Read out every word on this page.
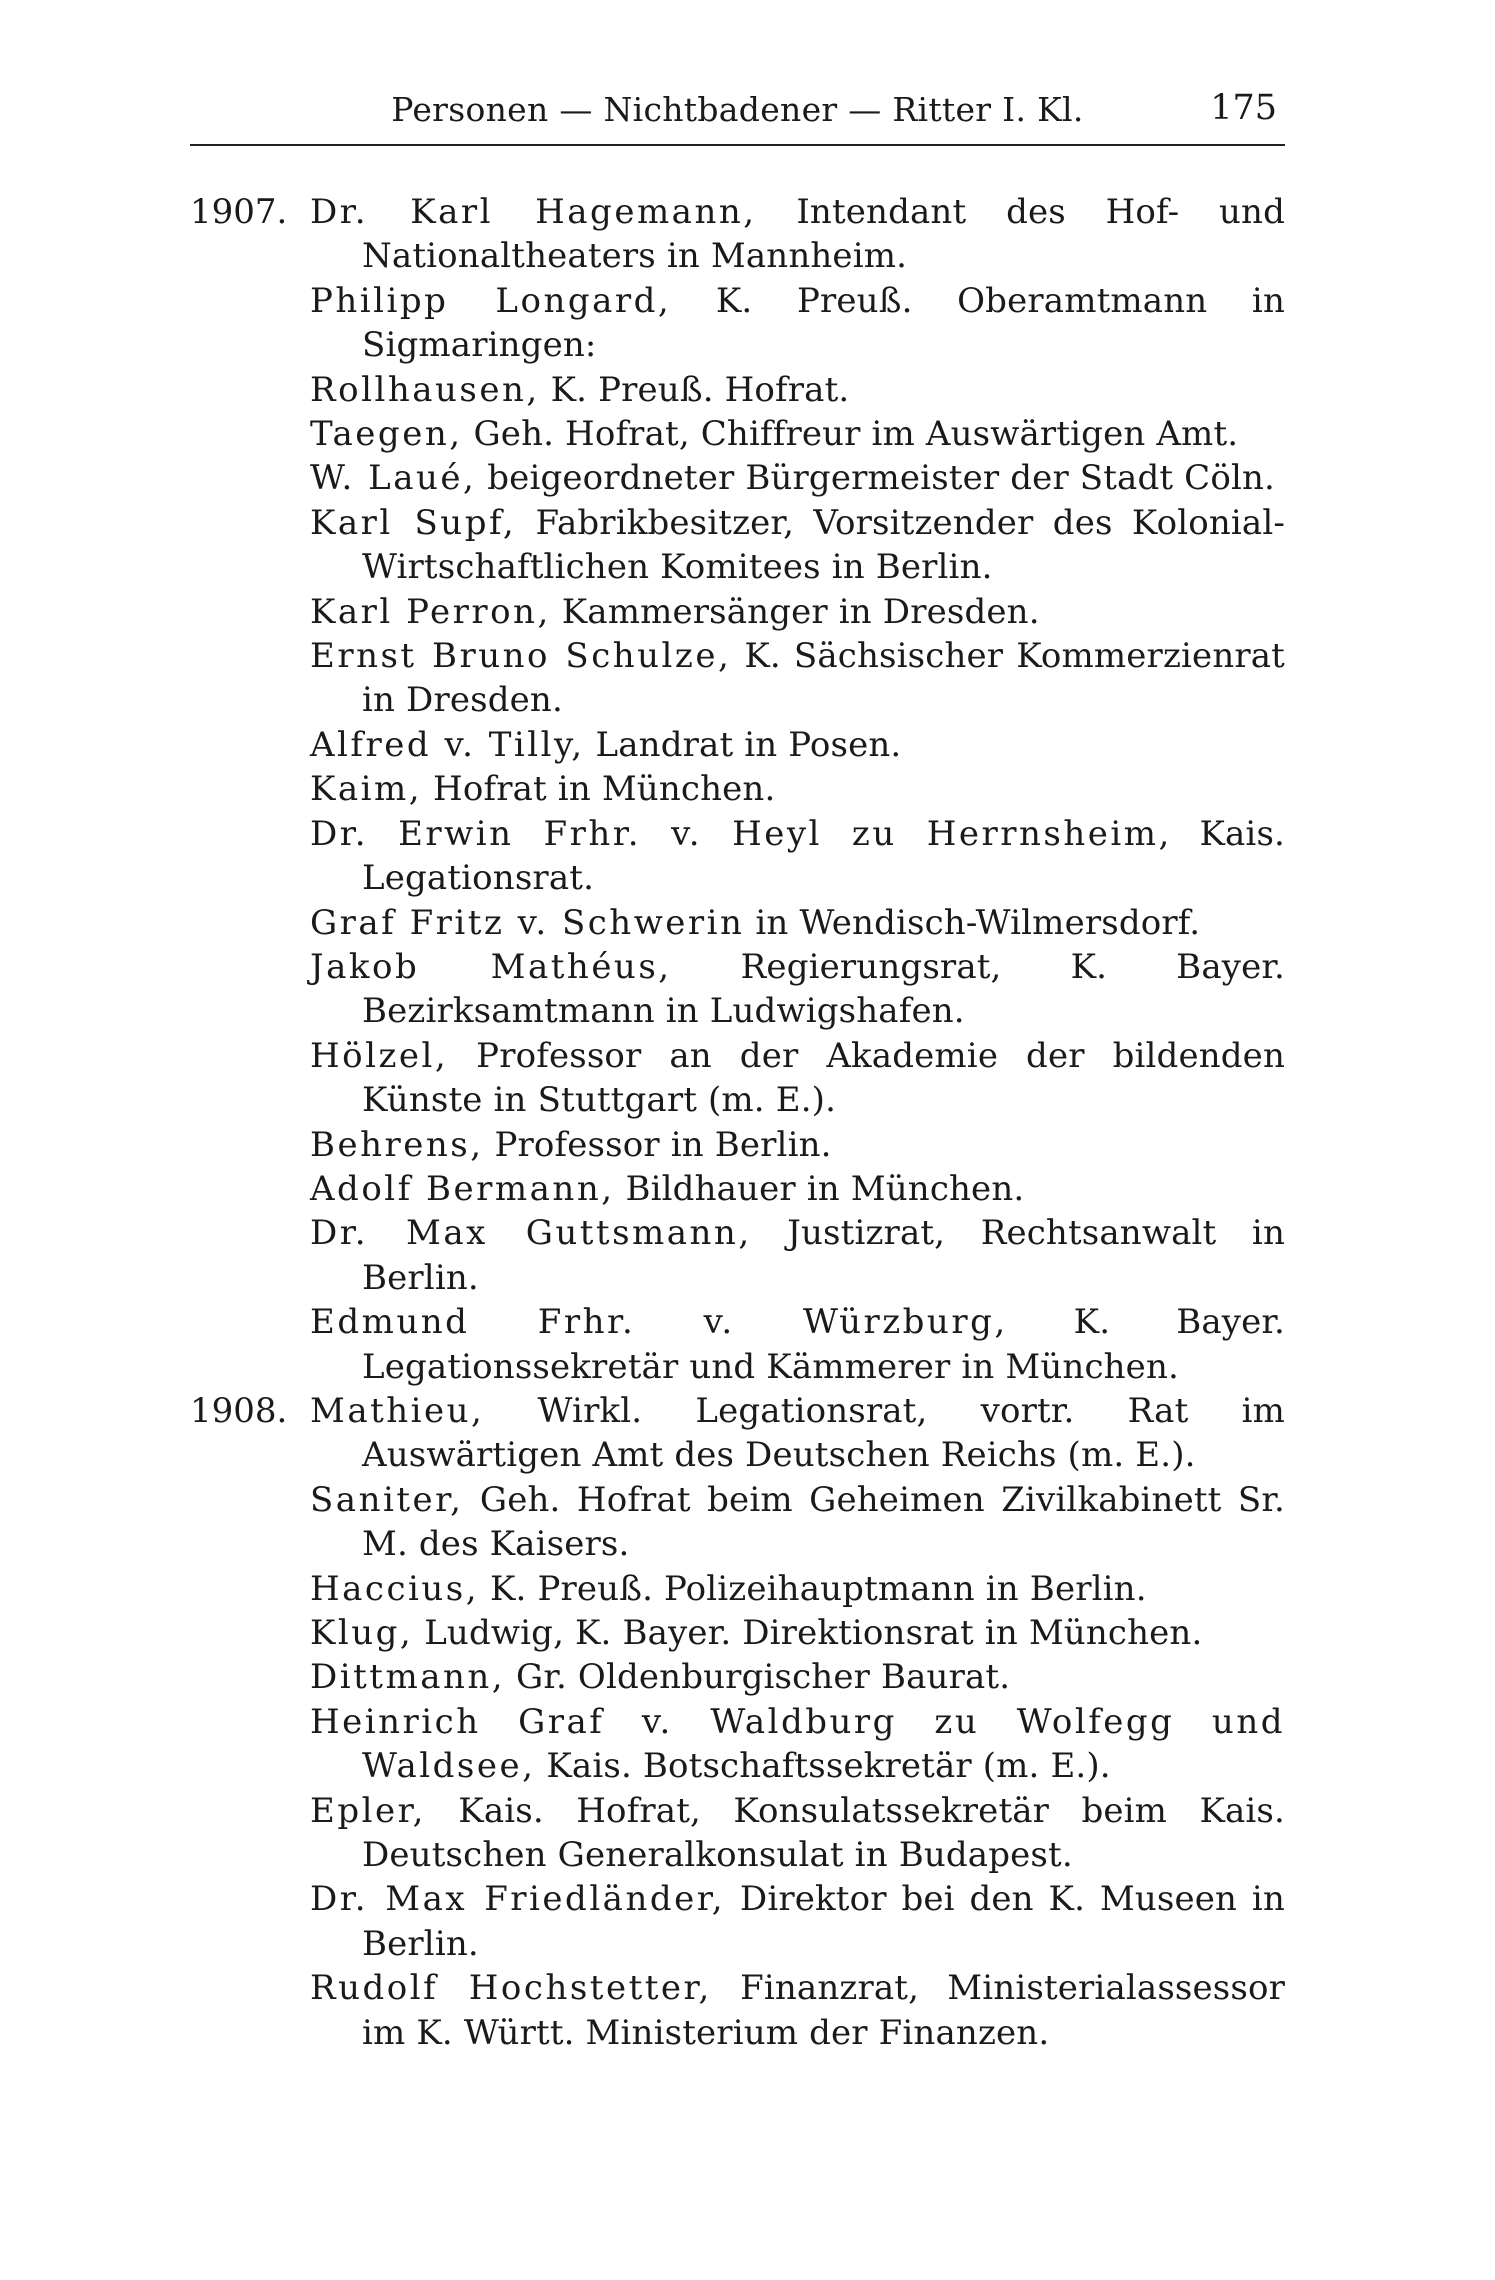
Personen — Nichtbadener — Ritter I. Kl.	175
1907. Dr. Karl Hagemann, Intendant des Hof- und Nationaltheaters in Mannheim.
Philipp Longard, K. Preuß. Oberamtmann in Sigmaringen:
Rollhausen, K. Preuß. Hofrat.
Taegen, Geh. Hofrat, Chiffreur im Auswärtigen Amt.
W. Laué, beigeordneter Bürgermeister der Stadt Cöln.
Karl Supf, Fabrikbesitzer, Vorsitzender des Kolonial-Wirtschaftlichen Komitees in Berlin.
Karl Perron, Kammersänger in Dresden.
Ernst Bruno Schulze, K. Sächsischer Kommerzienrat in Dresden.
Alfred v. Tilly, Landrat in Posen.
Kaim, Hofrat in München.
Dr. Erwin Frhr. v. Heyl zu Herrnsheim, Kais. Legationsrat.
Graf Fritz v. Schwerin in Wendisch-Wilmersdorf.
Jakob Mathéus, Regierungsrat, K. Bayer. Bezirksamtmann in Ludwigshafen.
Hölzel, Professor an der Akademie der bildenden Künste in Stuttgart (m. E.).
Behrens, Professor in Berlin.
Adolf Bermann, Bildhauer in München.
Dr. Max Guttsmann, Justizrat, Rechtsanwalt in Berlin.
Edmund Frhr. v. Würzburg, K. Bayer. Legationssekretär und Kämmerer in München.
1908. Mathieu, Wirkl. Legationsrat, vortr. Rat im Auswärtigen Amt des Deutschen Reichs (m. E.).
Saniter, Geh. Hofrat beim Geheimen Zivilkabinett Sr. M. des Kaisers.
Haccius, K. Preuß. Polizeihauptmann in Berlin.
Klug, Ludwig, K. Bayer. Direktionsrat in München.
Dittmann, Gr. Oldenburgischer Baurat.
Heinrich Graf v. Waldburg zu Wolfegg und Waldsee, Kais. Botschaftssekretär (m. E.).
Epler, Kais. Hofrat, Konsulatssekretär beim Kais. Deutschen Generalkonsulat in Budapest.
Dr. Max Friedländer, Direktor bei den K. Museen in Berlin.
Rudolf Hochstetter, Finanzrat, Ministerialassessor im K. Württ. Ministerium der Finanzen.
